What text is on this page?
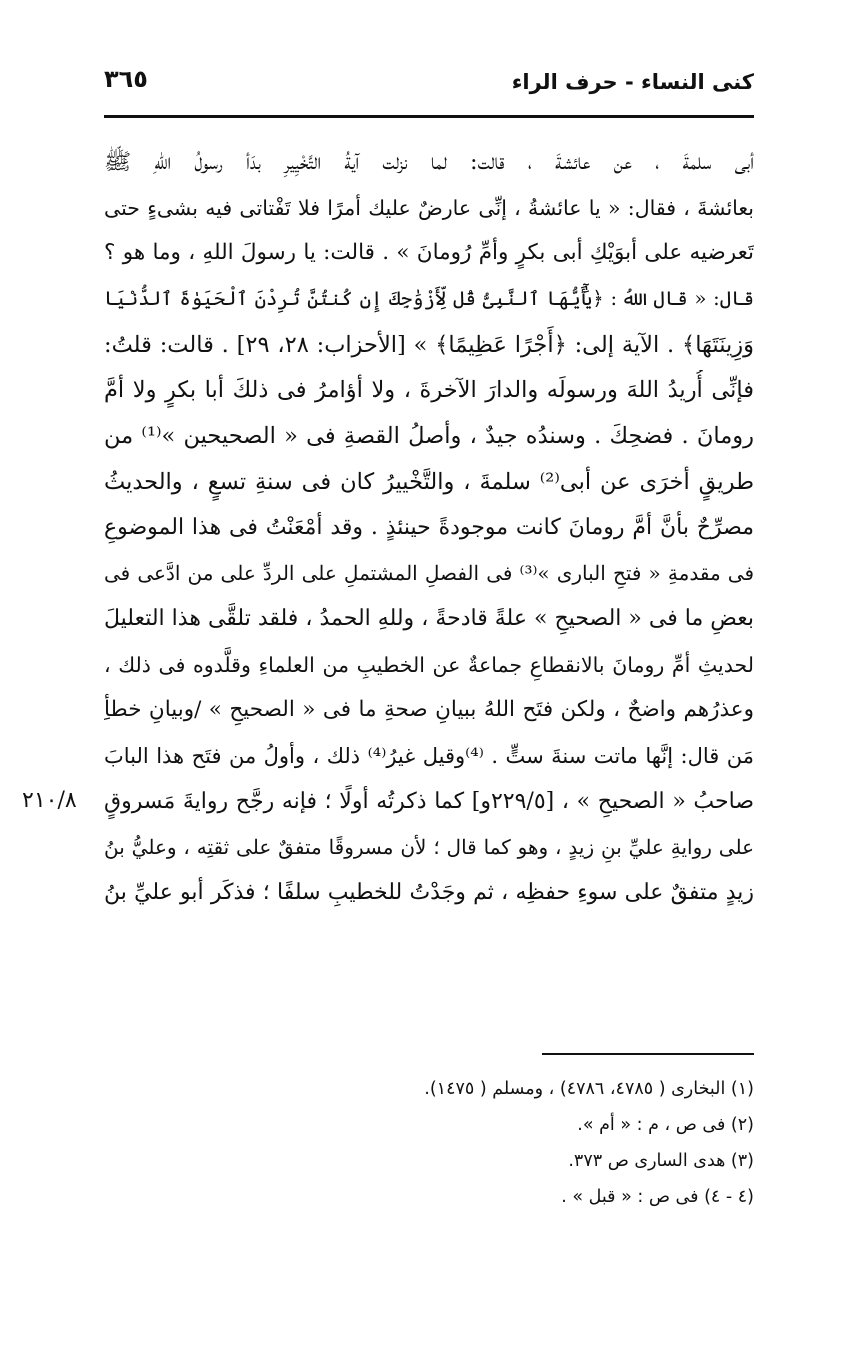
كنى النساء - حرف الراء
٣٦٥
أبى سلمةَ ، عن عائشةَ ، قالت: لما نزلت آيةُ التَّخْيِيرِ بدَأ رسولُ اللهِ ﷺ
بعائشةَ ، فقال: « يا عائشةُ ، إنِّى عارضٌ عليك أمرًا فلا تَفْتاتى فيه بشىءٍ حتى
تَعرضيه على أبوَيْكِ أبى بكرٍ وأمِّ رُومانَ » . قالت: يا رسولَ اللهِ ، وما هو ؟
قال: « قال اللهُ : ﴿يَٰٓأَيُّهَا ٱلنَّبِىُّ قُل لِّأَزْوَٰجِكَ إِن كُنتُنَّ تُرِدْنَ ٱلْحَيَوٰةَ ٱلدُّنْيَا
وَزِينَتَهَا﴾ . الآية إلى: ﴿أَجْرًا عَظِيمًا﴾ » [الأحزاب: ٢٨، ٢٩] . قالت: قلتُ:
فإنِّى أُريدُ اللهَ ورسولَه والدارَ الآخرةَ ، ولا أؤامرُ فى ذلكَ أبا بكرٍ ولا أمَّ
رومانَ . فضحِكَ . وسندُه جيدٌ ، وأصلُ القصةِ فى « الصحيحين »⁽¹⁾ من
طريقٍ أخرَى عن أبى⁽²⁾ سلمةَ ، والتَّخْييرُ كان فى سنةِ تسعٍ ، والحديثُ
مصرِّحٌ بأنَّ أمَّ رومانَ كانت موجودةً حينئذٍ . وقد أمْعَنْتُ فى هذا الموضوعِ
فى مقدمةِ « فتحِ البارى »⁽³⁾ فى الفصلِ المشتملِ على الردِّ على من ادَّعى فى
بعضِ ما فى « الصحيحِ » علةً قادحةً ، وللهِ الحمدُ ، فلقد تلقَّى هذا التعليلَ
لحديثِ أمِّ رومانَ بالانقطاعِ جماعةٌ عن الخطيبِ من العلماءِ وقلَّدوه فى ذلك ،
وعذرُهم واضحٌ ، ولكن فتَح اللهُ ببيانِ صحةِ ما فى « الصحيحِ » /وبيانِ خطأِ
مَن قال: إنَّها ماتت سنةَ ستٍّ . ⁽⁴⁾وقيل غيرُ⁽⁴⁾ ذلك ، وأولُ من فتَح هذا البابَ
صاحبُ « الصحيحِ » ، [٢٢٩/٥و] كما ذكرتُه أولًا ؛ فإنه رجَّح روايةَ مَسروقٍ
على روايةِ عليِّ بنِ زيدٍ ، وهو كما قال ؛ لأن مسروقًا متفقٌ على ثقتِه ، وعليُّ بنُ
زيدٍ متفقٌ على سوءِ حفظِه ، ثم وجَدْتُ للخطيبِ سلفًا ؛ فذكَر أبو عليِّ بنُ
٢١٠/٨
(١) البخارى ( ٤٧٨٥، ٤٧٨٦) ، ومسلم ( ١٤٧٥).
(٢) فى ص ، م : « أم ».
(٣) هدى السارى ص ٣٧٣.
(٤ - ٤) فى ص : « قبل » .
